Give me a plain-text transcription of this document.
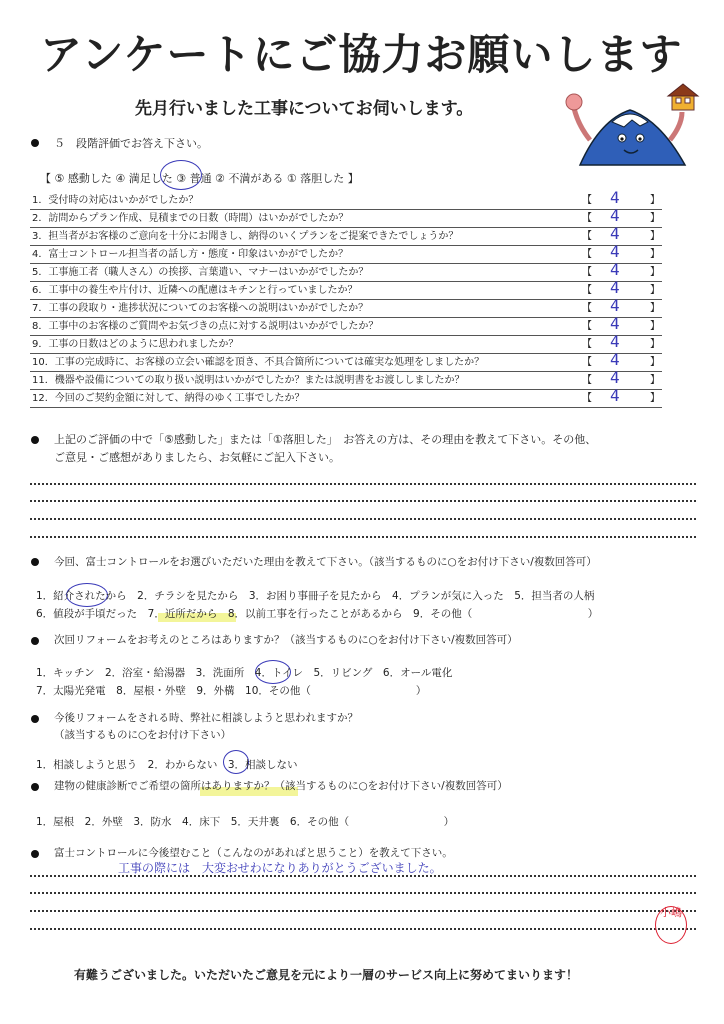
アンケートにご協力お願いします
先月行いました工事についてお伺いします。
５　段階評価でお答え下さい。
【 ⑤ 感動した ④ 満足した ③ 普通 ② 不満がある ① 落胆した 】
1．受付時の対応はいかがでしたか？	【 4	】
2．訪問からプラン作成、見積までの日数（時間）はいかがでしたか？	【 4	】
3．担当者がお客様のご意向を十分にお聞きし、納得のいくプランをご提案できたでしょうか？	【 4	】
4．富士コントロール担当者の話し方・態度・印象はいかがでしたか？	【 4	】
5．工事施工者（職人さん）の挨拶、言葉遣い、マナーはいかがでしたか？	【 4	】
6．工事中の養生や片付け、近隣への配慮はキチンと行っていましたか？	【 4	】
7．工事の段取り・進捗状況についてのお客様への説明はいかがでしたか？	【 4	】
8．工事中のお客様のご質問やお気づきの点に対する説明はいかがでしたか？	【 4	】
9．工事の日数はどのように思われましたか？	【 4	】
10．工事の完成時に、お客様の立会い確認を頂き、不具合箇所については確実な処理をしましたか？	【 4	】
11．機器や設備についての取り扱い説明はいかがでしたか？または説明書をお渡ししましたか？	【 4	】
12．今回のご契約金額に対して、納得のゆく工事でしたか？	【 4	】
上記のご評価の中で「⑤感動した」または「①落胆した」　お答えの方は、その理由を教えて下さい。その他、
ご意見・ご感想がありましたら、お気軽にご記入下さい。
今回、富士コントロールをお選びいただいた理由を教えて下さい。（該当するものに○をお付け下さい/複数回答可）
1．紹介されたから　2．チラシを見たから　3．お困り事冊子を見たから　4．プランが気に入った　5．担当者の人柄
6．値段が手頃だった　7．近所だから　8．以前工事を行ったことがあるから　9．その他（　　　　　　　　　　　）
次回リフォームをお考えのところはありますか？（該当するものに○をお付け下さい/複数回答可）
1．キッチン　2．浴室・給湯器　3．洗面所　4．トイレ　5．リビング　6．オール電化
7．太陽光発電　8．屋根・外壁　9．外構　10．その他（　　　　　　　　　　）
今後リフォームをされる時、弊社に相談しようと思われますか？
（該当するものに○をお付け下さい）
1．相談しようと思う　2．わからない　3．相談しない
建物の健康診断でご希望の箇所はありますか？（該当するものに○をお付け下さい/複数回答可）
1．屋根　2．外壁　3．防水　4．床下　5．天井裏　6．その他（　　　　　　　　　）
富士コントロールに今後望むこと（こんなのがあればと思うこと）を教えて下さい。
工事の際には　大変おせわになりありがとうございました。
小嶋
有難うございました。いただいたご意見を元により一層のサービス向上に努めてまいります！
